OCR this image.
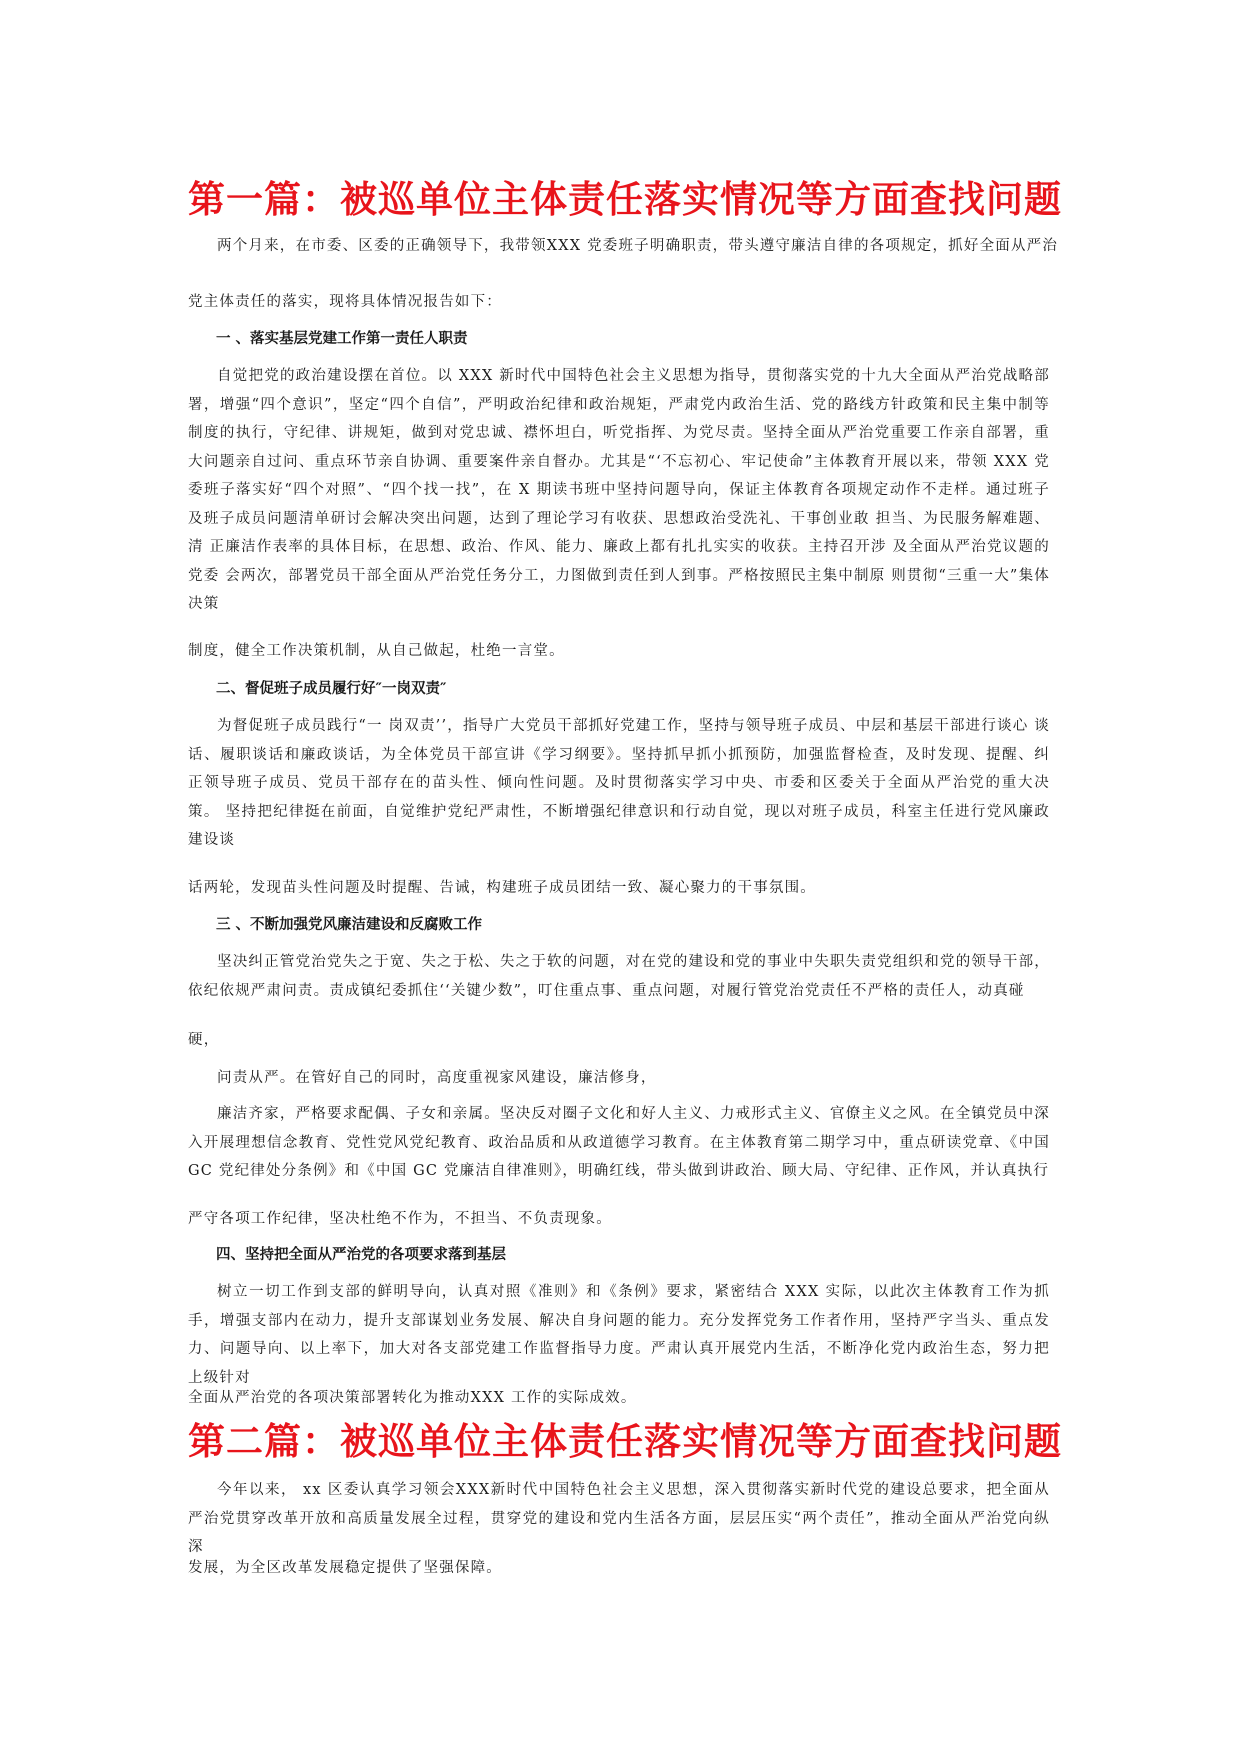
第一篇：被巡单位主体责任落实情况等方面查找问题
两个月来，在市委、区委的正确领导下，我带领XXX 党委班子明确职责，带头遵守廉洁自律的各项规定，抓好全面从严治
党主体责任的落实，现将具体情况报告如下：
一 、落实基层党建工作第一责任人职责
自觉把党的政治建设摆在首位。以 XXX 新时代中国特色社会主义思想为指导，贯彻落实党的十九大全面从严治党战略部署，增强“四个意识”，坚定“四个自信”，严明政治纪律和政治规矩，严肃党内政治生活、党的路线方针政策和民主集中制等制度的执行，守纪律、讲规矩，做到对党忠诚、襟怀坦白，听党指挥、为党尽责。坚持全面从严治党重要工作亲自部署，重大问题亲自过问、重点环节亲自协调、重要案件亲自督办。尤其是“‘不忘初心、牢记使命”主体教育开展以来，带领 XXX 党 委班子落实好“四个对照”、“四个找一找”，在 X 期读书班中坚持问题导向，保证主体教育各项规定动作不走样。通过班子 及班子成员问题清单研讨会解决突出问题，达到了理论学习有收获、思想政治受洗礼、干事创业敢 担当、为民服务解难题、清 正廉洁作表率的具体目标，在思想、政治、作风、能力、廉政上都有扎扎实实的收获。主持召开涉 及全面从严治党议题的党委 会两次，部署党员干部全面从严治党任务分工，力图做到责任到人到事。严格按照民主集中制原 则贯彻“三重一大”集体决策
制度，健全工作决策机制，从自己做起，杜绝一言堂。
二、督促班子成员履行好″一岗双责″
为督促班子成员践行“一 岗双责’’，指导广大党员干部抓好党建工作，坚持与领导班子成员、中层和基层干部进行谈心 谈话、履职谈话和廉政谈话，为全体党员干部宣讲《学习纲要》。坚持抓早抓小抓预防，加强监督检查，及时发现、提醒、纠 正领导班子成员、党员干部存在的苗头性、倾向性问题。及时贯彻落实学习中央、市委和区委关于全面从严治党的重大决策。 坚持把纪律挺在前面，自觉维护党纪严肃性，不断增强纪律意识和行动自觉，现以对班子成员，科室主任进行党风廉政建设谈
话两轮，发现苗头性问题及时提醒、告诫，构建班子成员团结一致、凝心聚力的干事氛围。
三 、不断加强党风廉洁建设和反腐败工作
坚决纠正管党治党失之于宽、失之于松、失之于软的问题，对在党的建设和党的事业中失职失责党组织和党的领导干部，依纪依规严肃问责。责成镇纪委抓住‘‘关键少数”，叮住重点事、重点问题，对履行管党治党责任不严格的责任人，动真碰
硬，
问责从严。在管好自己的同时，高度重视家风建设，廉洁修身，
廉洁齐家，严格要求配偶、子女和亲属。坚决反对圈子文化和好人主义、力戒形式主义、官僚主义之风。在全镇党员中深入开展理想信念教育、党性党风党纪教育、政治品质和从政道德学习教育。在主体教育第二期学习中，重点研读党章、《中国GC 党纪律处分条例》和《中国 GC 党廉洁自律准则》，明确红线，带头做到讲政治、顾大局、守纪律、正作风，并认真执行
严守各项工作纪律，坚决杜绝不作为，不担当、不负责现象。
四、坚持把全面从严治党的各项要求落到基层
树立一切工作到支部的鲜明导向，认真对照《准则》和《条例》要求，紧密结合 XXX 实际，以此次主体教育工作为抓手，增强支部内在动力，提升支部谋划业务发展、解决自身问题的能力。充分发挥党务工作者作用，坚持严字当头、重点发力、问题导向、以上率下，加大对各支部党建工作监督指导力度。严肃认真开展党内生活，不断净化党内政治生态，努力把上级针对
全面从严治党的各项决策部署转化为推动XXX 工作的实际成效。
第二篇：被巡单位主体责任落实情况等方面查找问题
今年以来， xx 区委认真学习领会XXX新时代中国特色社会主义思想，深入贯彻落实新时代党的建设总要求，把全面从严治党贯穿改革开放和高质量发展全过程，贯穿党的建设和党内生活各方面，层层压实“两个责任”，推动全面从严治党向纵深
发展，为全区改革发展稳定提供了坚强保障。
